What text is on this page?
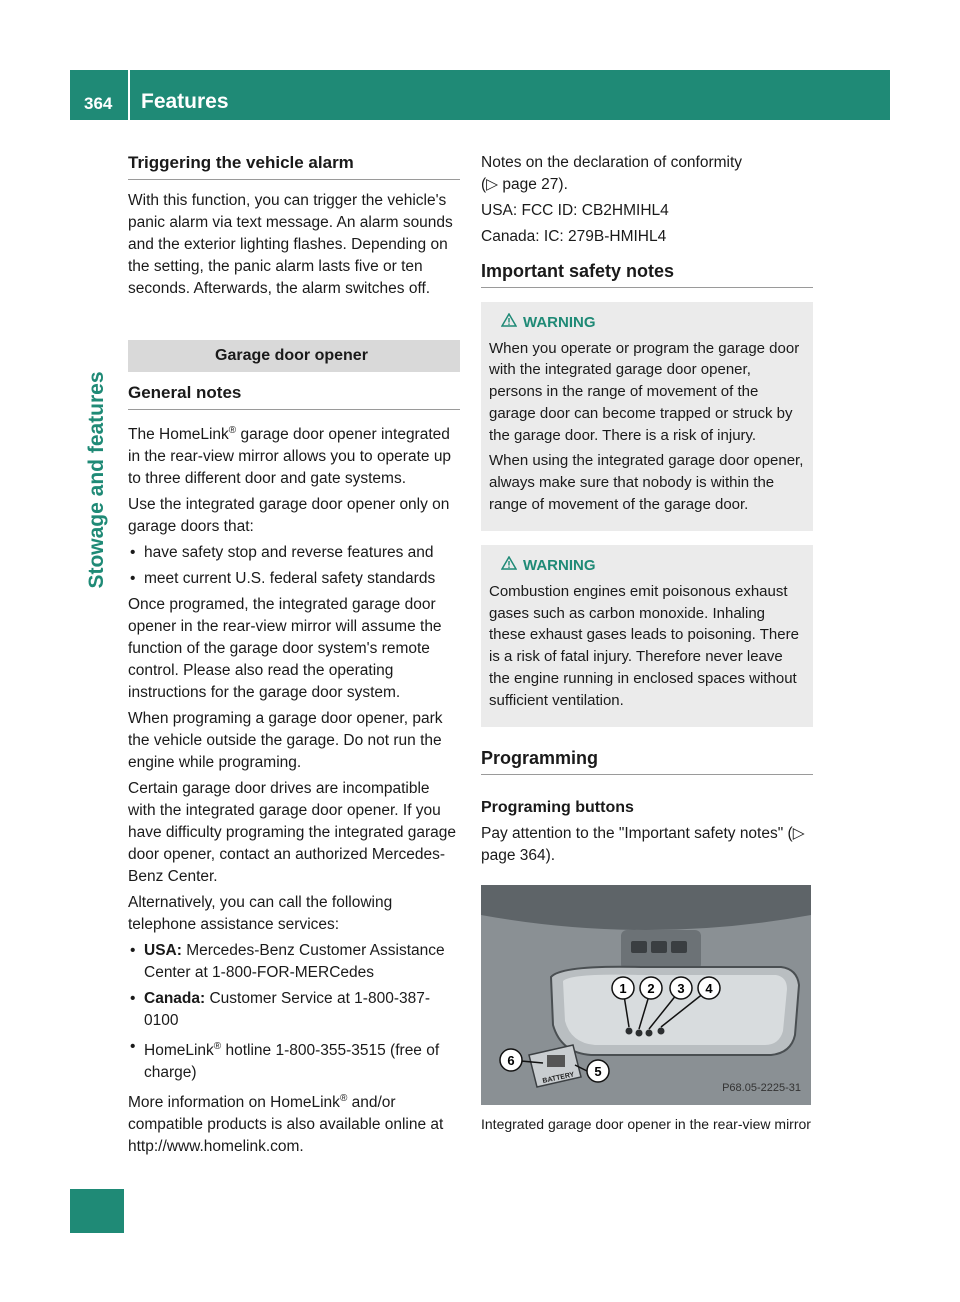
364 Features
Stowage and features
Triggering the vehicle alarm

With this function, you can trigger the vehicle's panic alarm via text message. An alarm sounds and the exterior lighting flashes. Depending on the setting, the panic alarm lasts five or ten seconds. Afterwards, the alarm switches off.

Garage door opener
General notes

The HomeLink® garage door opener integrated in the rear-view mirror allows you to operate up to three different door and gate systems.

Use the integrated garage door opener only on garage doors that:

• have safety stop and reverse features and
• meet current U.S. federal safety standards

Once programed, the integrated garage door opener in the rear-view mirror will assume the function of the garage door system's remote control. Please also read the operating instructions for the garage door system.

When programing a garage door opener, park the vehicle outside the garage. Do not run the engine while programing.

Certain garage door drives are incompatible with the integrated garage door opener. If you have difficulty programing the integrated garage door opener, contact an authorized Mercedes-Benz Center.

Alternatively, you can call the following telephone assistance services:

• USA: Mercedes-Benz Customer Assistance Center at 1-800-FOR-MERCedes
• Canada: Customer Service at 1-800-387-0100
• HomeLink® hotline 1-800-355-3515 (free of charge)

More information on HomeLink® and/or compatible products is also available online at http://www.homelink.com.

Notes on the declaration of conformity

(▷ page 27).

USA: FCC ID: CB2HMIHL4

Canada: IC: 279B-HMIHL4

Important safety notes
WARNING

When you operate or program the garage door with the integrated garage door opener, persons in the range of movement of the garage door can become trapped or struck by the garage door. There is a risk of injury.

When using the integrated garage door opener, always make sure that nobody is within the range of movement of the garage door.

WARNING

Combustion engines emit poisonous exhaust gases such as carbon monoxide. Inhaling these exhaust gases leads to poisoning. There is a risk of fatal injury. Therefore never leave the engine running in enclosed spaces without sufficient ventilation.

Programming
Programing buttons

Pay attention to the "Important safety notes" (▷ page 364).

1 2 3 4
BATTERY
6
5
P68.05-2225-31
Integrated garage door opener in the rear-view mirror
